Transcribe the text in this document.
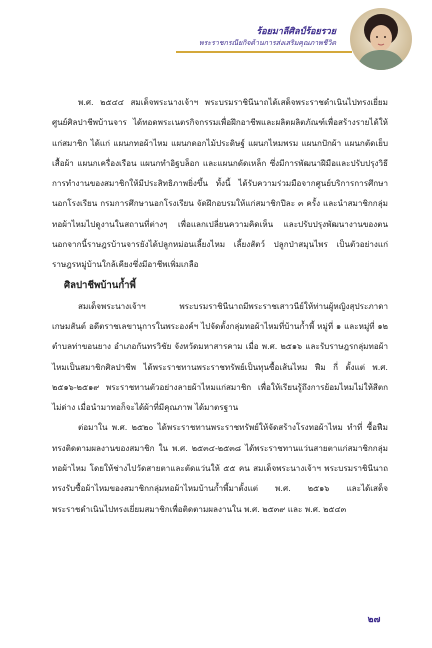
ร้อยมาลีศิลป์ร้อยรวย
พระราชกรณียกิจด้านการส่งเสริมคุณภาพชีวิต

พ.ศ. ๒๕๔๔ สมเด็จพระนางเจ้าฯ พระบรมราชินีนาถได้เสด็จพระราชดำเนินไปทรงเยี่ยมศูนย์ศิลปาชีพบ้านจาร ได้ทอดพระเนตรกิจกรรมเพื่อฝึกอาชีพและผลิตผลิตภัณฑ์เพื่อสร้างรายได้ให้แก่สมาชิก ได้แก่ แผนกทอผ้าไหม แผนกดอกไม้ประดิษฐ์ แผนกไหมพรม แผนกปักผ้า แผนกตัดเย็บเสื้อผ้า แผนกเครื่องเรือน แผนกทำอิฐบล็อก และแผนกดัดเหล็ก ซึ่งมีการพัฒนาฝีมือและปรับปรุงวิธีการทำงานของสมาชิกให้มีประสิทธิภาพยิ่งขึ้น ทั้งนี้ ได้รับความร่วมมือจากศูนย์บริการการศึกษานอกโรงเรียน กรมการศึกษานอกโรงเรียน จัดฝึกอบรมให้แก่สมาชิกปีละ ๓ ครั้ง และนำสมาชิกกลุ่มทอผ้าไหมไปดูงานในสถานที่ต่างๆ เพื่อแลกเปลี่ยนความคิดเห็น และปรับปรุงพัฒนางานของตน นอกจากนี้ราษฎรบ้านจารยังได้ปลูกหม่อนเลี้ยงไหม เลี้ยงสัตว์ ปลูกป่าสมุนไพร เป็นตัวอย่างแก่ราษฎรหมู่บ้านใกล้เคียงซึ่งมีอาชีพเพิ่มเกลือ

ศิลปาชีพบ้านก้ำพี้

สมเด็จพระนางเจ้าฯ พระบรมราชินีนาถมีพระราชเสาวนีย์ให้ท่านผู้หญิงสุประภาดา เกษมสันต์ อดีตราชเลขานุการในพระองค์ฯ ไปจัดตั้งกลุ่มทอผ้าไหมที่บ้านก้ำพี้ หมู่ที่ ๑ และหมู่ที่ ๑๒ ตำบลท่าขอนยาง อำเภอกันทรวิชัย จังหวัดมหาสารคาม เมื่อ พ.ศ. ๒๕๑๖ และรับราษฎรกลุ่มทอผ้าไหมเป็นสมาชิกศิลปาชีพ ได้พระราชทานพระราชทรัพย์เป็นทุนซื้อเส้นไหม ฟืม กี่ ตั้งแต่ พ.ศ. ๒๕๑๖-๒๕๑๙ พระราชทานตัวอย่างลายผ้าไหมแก่สมาชิก เพื่อให้เรียนรู้ถึงการย้อมไหมไม่ให้สีตก ไม่ด่าง เมื่อนำมาทอก็จะได้ผ้าที่มีคุณภาพ ได้มาตรฐาน

ต่อมาใน พ.ศ. ๒๕๒๐ ได้พระราชทานพระราชทรัพย์ให้จัดสร้างโรงทอผ้าไหม ทำที่ ซื้อฟืม ทรงติดตามผลงานของสมาชิก ใน พ.ศ. ๒๕๓๔-๒๕๓๘ ได้พระราชทานแว่นสายตาแก่สมาชิกกลุ่มทอผ้าไหม โดยให้ช่างไปวัดสายตาและตัดแว่นให้ ๕๕ คน สมเด็จพระนางเจ้าฯ พระบรมราชินีนาถทรงรับซื้อผ้าไหมของสมาชิกกลุ่มทอผ้าไหมบ้านก้ำพี้มาตั้งแต่ พ.ศ. ๒๕๑๖ และได้เสด็จพระราชดำเนินไปทรงเยี่ยมสมาชิกเพื่อติดตามผลงานใน พ.ศ. ๒๕๓๙ และ พ.ศ. ๒๕๔๓

๒๗
